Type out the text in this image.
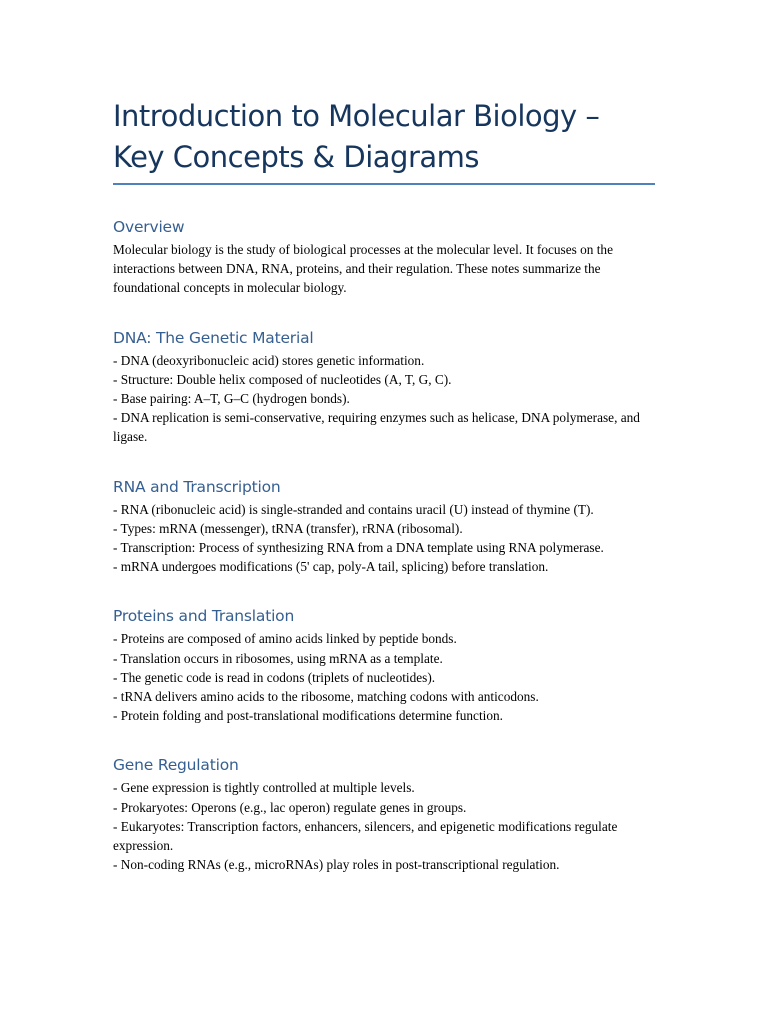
Introduction to Molecular Biology – Key Concepts & Diagrams
Overview
Molecular biology is the study of biological processes at the molecular level. It focuses on the interactions between DNA, RNA, proteins, and their regulation. These notes summarize the foundational concepts in molecular biology.
DNA: The Genetic Material
- DNA (deoxyribonucleic acid) stores genetic information.
- Structure: Double helix composed of nucleotides (A, T, G, C).
- Base pairing: A–T, G–C (hydrogen bonds).
- DNA replication is semi-conservative, requiring enzymes such as helicase, DNA polymerase, and ligase.
RNA and Transcription
- RNA (ribonucleic acid) is single-stranded and contains uracil (U) instead of thymine (T).
- Types: mRNA (messenger), tRNA (transfer), rRNA (ribosomal).
- Transcription: Process of synthesizing RNA from a DNA template using RNA polymerase.
- mRNA undergoes modifications (5' cap, poly-A tail, splicing) before translation.
Proteins and Translation
- Proteins are composed of amino acids linked by peptide bonds.
- Translation occurs in ribosomes, using mRNA as a template.
- The genetic code is read in codons (triplets of nucleotides).
- tRNA delivers amino acids to the ribosome, matching codons with anticodons.
- Protein folding and post-translational modifications determine function.
Gene Regulation
- Gene expression is tightly controlled at multiple levels.
- Prokaryotes: Operons (e.g., lac operon) regulate genes in groups.
- Eukaryotes: Transcription factors, enhancers, silencers, and epigenetic modifications regulate expression.
- Non-coding RNAs (e.g., microRNAs) play roles in post-transcriptional regulation.
